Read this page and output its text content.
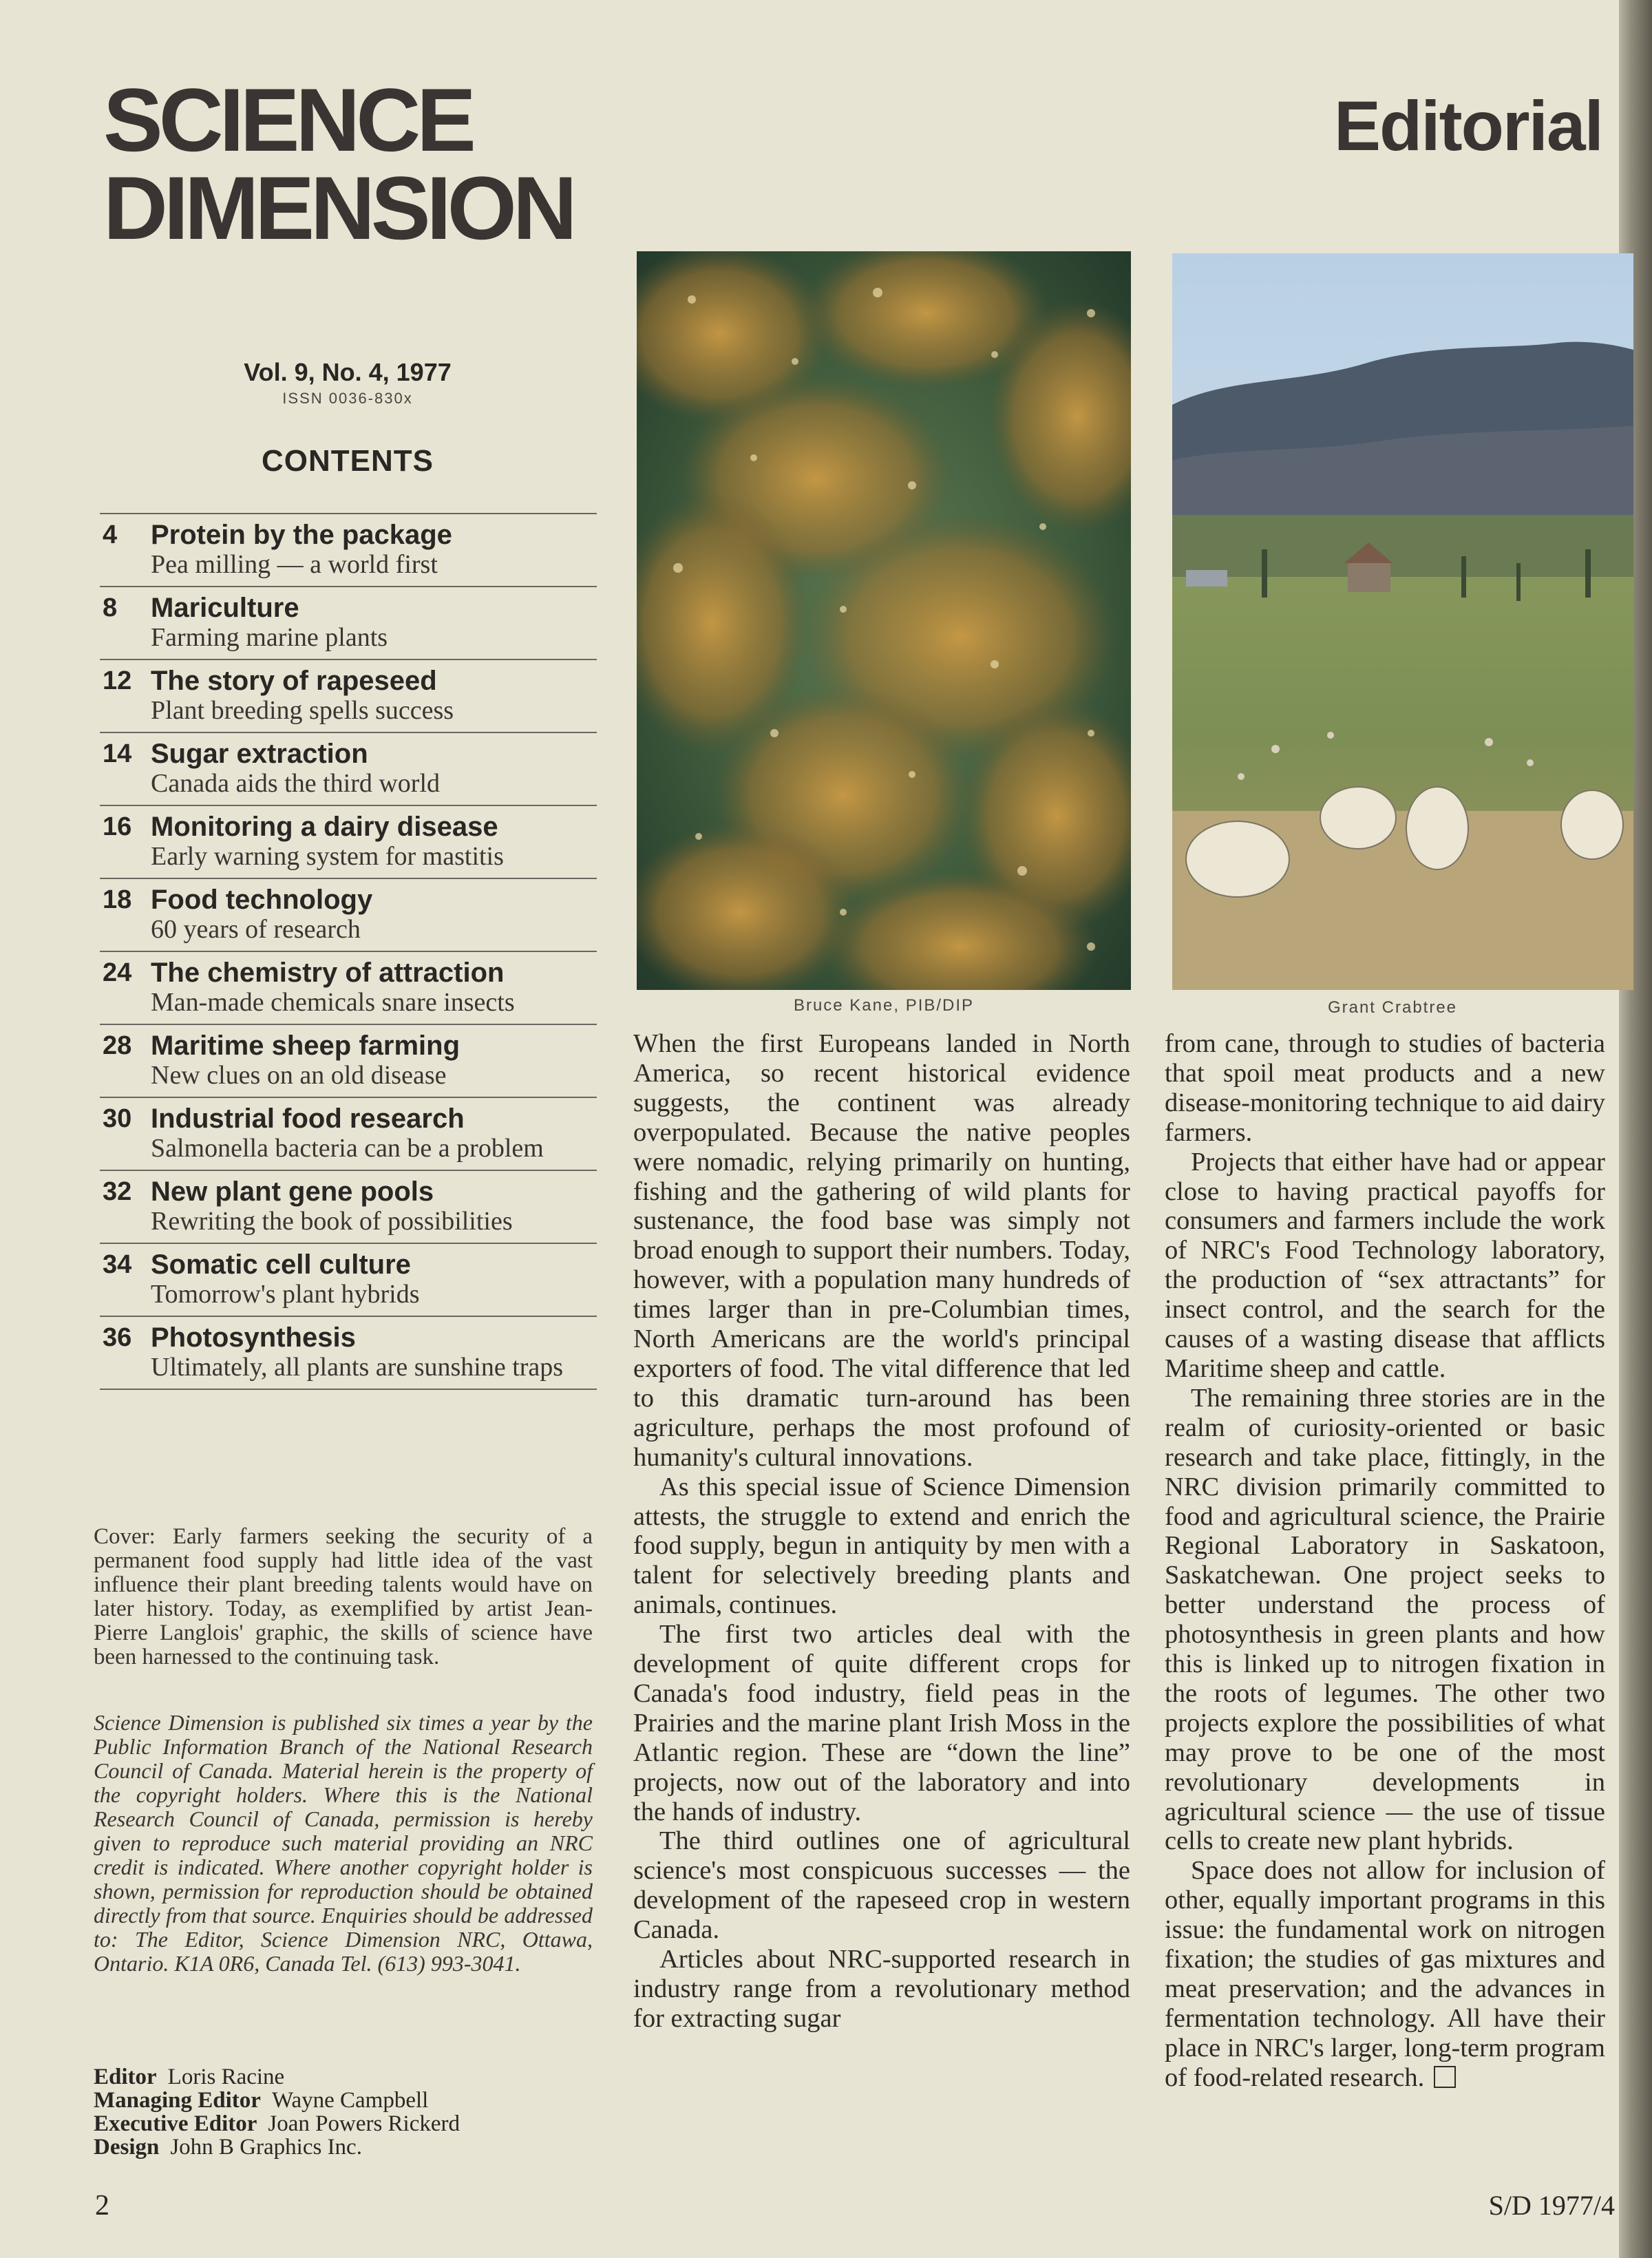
SCIENCE
DIMENSION
Editorial
Vol. 9, No. 4, 1977
ISSN 0036-830x
CONTENTS
4	Protein by the package
Pea milling — a world first
8	Mariculture
Farming marine plants
12 The story of rapeseed
Plant breeding spells success
14 Sugar extraction
Canada aids the third world
16 Monitoring a dairy disease
Early warning system for mastitis
18 Food technology
60 years of research
24 The chemistry of attraction
Man-made chemicals snare insects
28 Maritime sheep farming
New clues on an old disease
30 Industrial food research
Salmonella bacteria can be a problem
32 New plant gene pools
Rewriting the book of possibilities
34 Somatic cell culture
Tomorrow's plant hybrids
36 Photosynthesis
Ultimately, all plants are sunshine traps

Cover: Early farmers seeking the security of a permanent food supply had little idea of the vast influence their plant breeding talents would have on later history. Today, as exemplified by artist Jean-Pierre Langlois' graphic, the skills of science have been harnessed to the continuing task.

Science Dimension is published six times a year by the Public Information Branch of the National Research Council of Canada. Material herein is the property of the copyright holders. Where this is the National Research Council of Canada, permission is hereby given to reproduce such material providing an NRC credit is indicated. Where another copyright holder is shown, permission for reproduction should be obtained directly from that source. Enquiries should be addressed to: The Editor, Science Dimension NRC, Ottawa, Ontario. K1A 0R6, Canada Tel. (613) 993-3041.

Editor Loris Racine
Managing Editor Wayne Campbell
Executive Editor Joan Powers Rickerd
Design John B Graphics Inc.
Bruce Kane, PIB/DIP	Grant Crabtree

When the first Europeans landed in North America, so recent historical evidence suggests, the continent was already overpopulated. Because the native peoples were nomadic, relying primarily on hunting, fishing and the gathering of wild plants for sustenance, the food base was simply not broad enough to support their numbers. Today, however, with a population many hundreds of times larger than in pre-Columbian times, North Americans are the world's principal exporters of food. The vital difference that led to this dramatic turn-around has been agriculture, perhaps the most profound of humanity's cultural innovations.

As this special issue of Science Dimension attests, the struggle to extend and enrich the food supply, begun in antiquity by men with a talent for selectively breeding plants and animals, continues.

The first two articles deal with the development of quite different crops for Canada's food industry, field peas in the Prairies and the marine plant Irish Moss in the Atlantic region. These are “down the line” projects, now out of the laboratory and into the hands of industry.

The third outlines one of agricultural science's most conspicuous successes — the development of the rapeseed crop in western Canada.

Articles about NRC-supported research in industry range from a revolutionary method for extracting sugar

from cane, through to studies of bacteria that spoil meat products and a new disease-monitoring technique to aid dairy farmers.

Projects that either have had or appear close to having practical payoffs for consumers and farmers include the work of NRC's Food Technology laboratory, the production of “sex attractants” for insect control, and the search for the causes of a wasting disease that afflicts Maritime sheep and cattle.

The remaining three stories are in the realm of curiosity-oriented or basic research and take place, fittingly, in the NRC division primarily committed to food and agricultural science, the Prairie Regional Laboratory in Saskatoon, Saskatchewan. One project seeks to better understand the process of photosynthesis in green plants and how this is linked up to nitrogen fixation in the roots of legumes. The other two projects explore the possibilities of what may prove to be one of the most revolutionary developments in agricultural science — the use of tissue cells to create new plant hybrids.

Space does not allow for inclusion of other, equally important programs in this issue: the fundamental work on nitrogen fixation; the studies of gas mixtures and meat preservation; and the advances in fermentation technology. All have their place in NRC's larger, long-term program of food-related research.

2	S/D 1977/4
